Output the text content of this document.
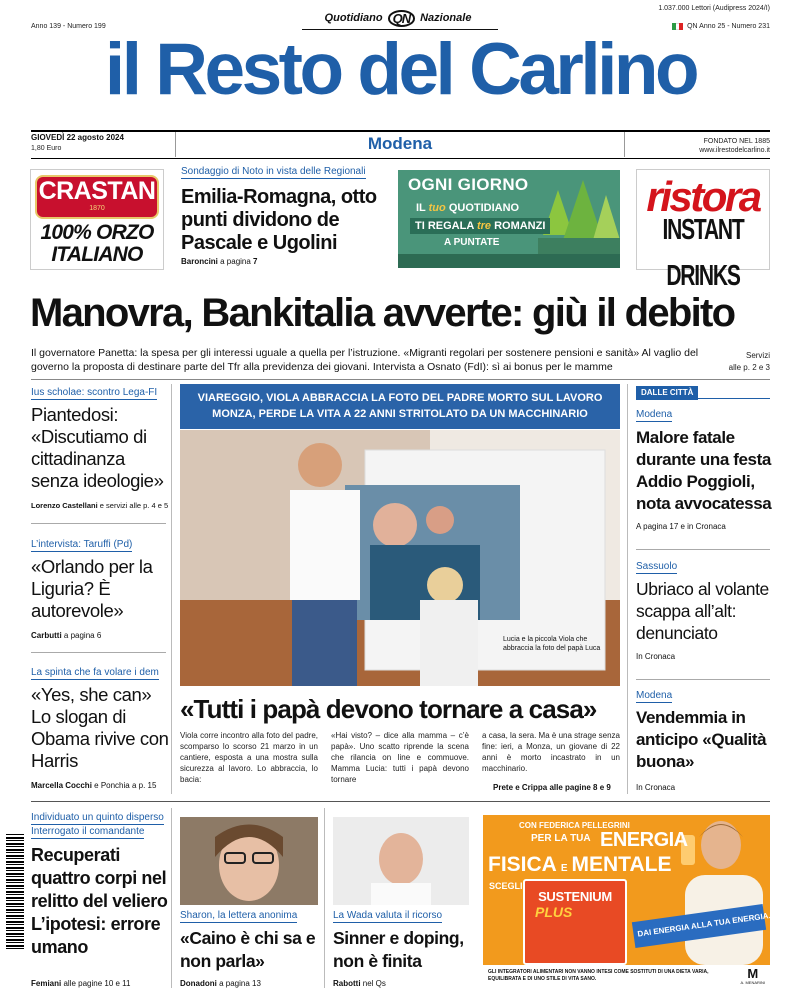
Anno 139 - Numero 199
Quotidiano QN Nazionale
1.037.000 Lettori (Audipress 2024/I)
QN Anno 25 - Numero 231
il Resto del Carlino
GIOVEDÌ 22 agosto 2024
1,80 Euro	Modena	FONDATO NEL 1885
www.ilrestodelcarlino.it
CRASTAN
1870
100% ORZO
ITALIANO
Sondaggio di Noto in vista delle Regionali
Emilia-Romagna, otto punti dividono de Pascale e Ugolini
Baroncini a pagina 7
OGNI GIORNO
IL tuo QUOTIDIANO
TI REGALA tre ROMANZI
A PUNTATE
ristora
INSTANT DRINKS
Manovra, Bankitalia avverte: giù il debito
Il governatore Panetta: la spesa per gli interessi uguale a quella per l’istruzione. «Migranti regolari per sostenere pensioni e sanità» Al vaglio del governo la proposta di destinare parte del Tfr alla previdenza dei giovani. Intervista a Osnato (FdI): sì ai bonus per le mamme
Servizi
alle p. 2 e 3
Ius scholae: scontro Lega-FI
Piantedosi: «Discutiamo di cittadinanza senza ideologie»
Lorenzo Castellani e servizi alle p. 4 e 5
L’intervista: Taruffi (Pd)
«Orlando per la Liguria? È autorevole»
Carbutti a pagina 6
La spinta che fa volare i dem
«Yes, she can» Lo slogan di Obama rivive con Harris
Marcella Cocchi e Ponchia a p. 15
VIAREGGIO, VIOLA ABBRACCIA LA FOTO DEL PADRE MORTO SUL LAVORO
MONZA, PERDE LA VITA A 22 ANNI STRITOLATO DA UN MACCHINARIO
Lucia e la piccola Viola che abbraccia la foto del papà Luca
«Tutti i papà devono tornare a casa»
Viola corre incontro alla foto del padre, scomparso lo scorso 21 marzo in un cantiere, esposta a una mostra sulla sicurezza al lavoro. Lo abbraccia, lo bacia:
«Hai visto? – dice alla mamma – c’è papà». Uno scatto riprende la scena che rilancia on line e commuove. Mamma Lucia: tutti i papà devono tornare
a casa, la sera. Ma è una strage senza fine: ieri, a Monza, un giovane di 22 anni è morto incastrato in un macchinario.
Prete e Crippa alle pagine 8 e 9
DALLE CITTÀ
Modena
Malore fatale durante una festa Addio Poggioli, nota avvocatessa
A pagina 17 e in Cronaca
Sassuolo
Ubriaco al volante scappa all’alt: denunciato
In Cronaca
Modena
Vendemmia in anticipo «Qualità buona»
In Cronaca
Individuato un quinto disperso
Interrogato il comandante
Recuperati quattro corpi nel relitto del veliero L’ipotesi: errore umano
Femiani alle pagine 10 e 11
Sharon, la lettera anonima
«Caino è chi sa e non parla»
Donadoni a pagina 13
La Wada valuta il ricorso
Sinner e doping, non è finita
Rabotti nel Qs
CON FEDERICA PELLEGRINI
PER LA TUA ENERGIA
FISICA E MENTALE
SCEGLI
SUSTENIUM
PLUS	DAI ENERGIA ALLA TUA ENERGIA.
GLI INTEGRATORI ALIMENTARI NON VANNO INTESI COME SOSTITUTI DI UNA DIETA VARIA, EQUILIBRATA E DI UNO STILE DI VITA SANO.	M
A. MENARINI
